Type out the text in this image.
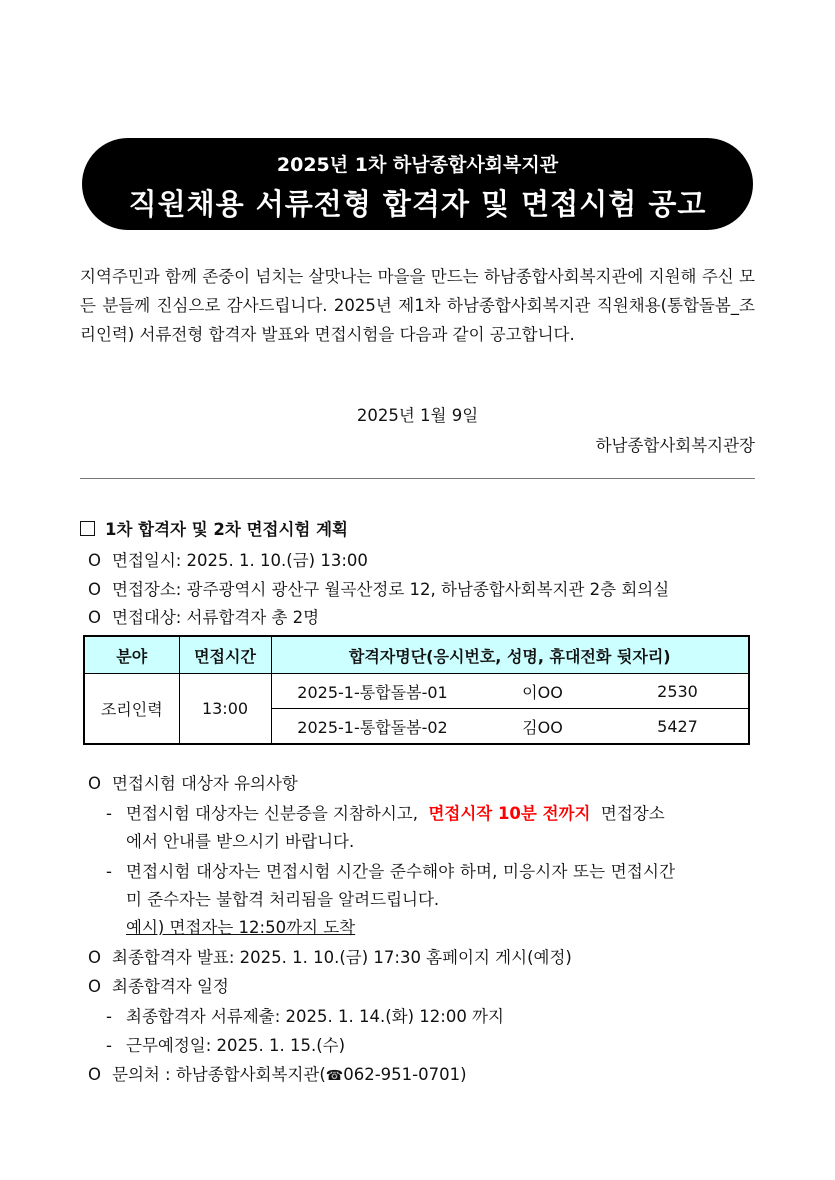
2025년 1차 하남종합사회복지관
직원채용 서류전형 합격자 및 면접시험 공고
지역주민과 함께 존중이 넘치는 살맛나는 마을을 만드는 하남종합사회복지관에 지원해 주신 모든 분들께 진심으로 감사드립니다. 2025년 제1차 하남종합사회복지관 직원채용(통합돌봄_조리인력) 서류전형 합격자 발표와 면접시험을 다음과 같이 공고합니다.
2025년 1월 9일
하남종합사회복지관장
1차 합격자 및 2차 면접시험 계획
O 면접일시: 2025. 1. 10.(금) 13:00
O 면접장소: 광주광역시 광산구 월곡산정로 12, 하남종합사회복지관 2층 회의실
O 면접대상: 서류합격자 총 2명
분야	면접시간	합격자명단(응시번호, 성명, 휴대전화 뒷자리)
조리인력	13:00	2025-1-통합돌봄-01 이OO 2530

		2025-1-통합돌봄-02 김OO 5427
O 면접시험 대상자 유의사항
- 면접시험 대상자는 신분증을 지참하시고, 면접시작 10분 전까지 면접장소
에서 안내를 받으시기 바랍니다.
- 면접시험 대상자는 면접시험 시간을 준수해야 하며, 미응시자 또는 면접시간
미 준수자는 불합격 처리됨을 알려드립니다.
예시) 면접자는 12:50까지 도착
O 최종합격자 발표: 2025. 1. 10.(금) 17:30 홈페이지 게시(예정)
O 최종합격자 일정
- 최종합격자 서류제출: 2025. 1. 14.(화) 12:00 까지
- 근무예정일: 2025. 1. 15.(수)
O 문의처 : 하남종합사회복지관(☎062-951-0701)
